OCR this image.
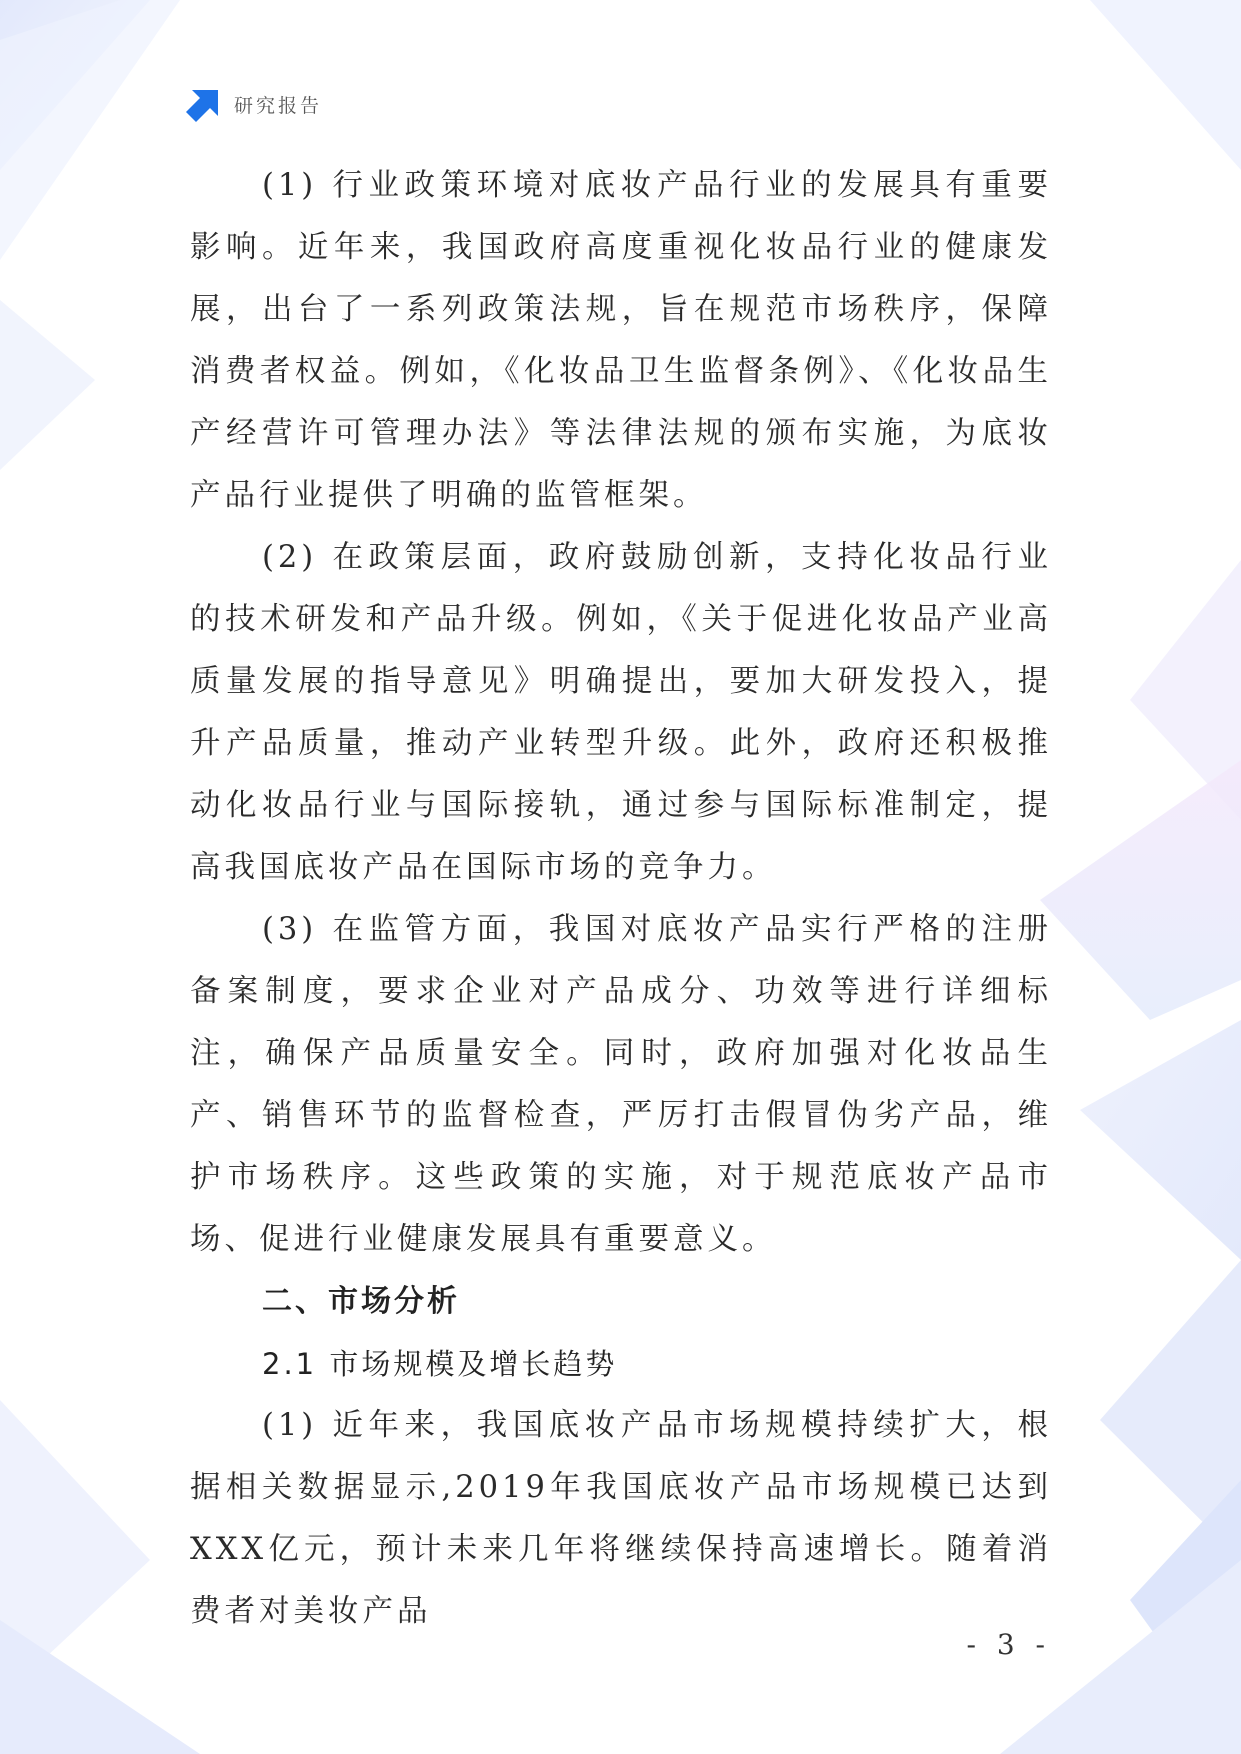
研究报告

(1) 行业政策环境对底妆产品行业的发展具有重要影响。近年来，我国政府高度重视化妆品行业的健康发展，出台了一系列政策法规，旨在规范市场秩序，保障消费者权益。例如，《化妆品卫生监督条例》、《化妆品生产经营许可管理办法》等法律法规的颁布实施，为底妆产品行业提供了明确的监管框架。

(2) 在政策层面，政府鼓励创新，支持化妆品行业的技术研发和产品升级。例如，《关于促进化妆品产业高质量发展的指导意见》明确提出，要加大研发投入，提升产品质量，推动产业转型升级。此外，政府还积极推动化妆品行业与国际接轨，通过参与国际标准制定，提高我国底妆产品在国际市场的竞争力。

(3) 在监管方面，我国对底妆产品实行严格的注册备案制度，要求企业对产品成分、功效等进行详细标注，确保产品质量安全。同时，政府加强对化妆品生产、销售环节的监督检查，严厉打击假冒伪劣产品，维护市场秩序。这些政策的实施，对于规范底妆产品市场、促进行业健康发展具有重要意义。

二、市场分析

2.1 市场规模及增长趋势

(1) 近年来，我国底妆产品市场规模持续扩大，根据相关数据显示,2019年我国底妆产品市场规模已达到XXX亿元，预计未来几年将继续保持高速增长。随着消费者对美妆产品

- 3 -
